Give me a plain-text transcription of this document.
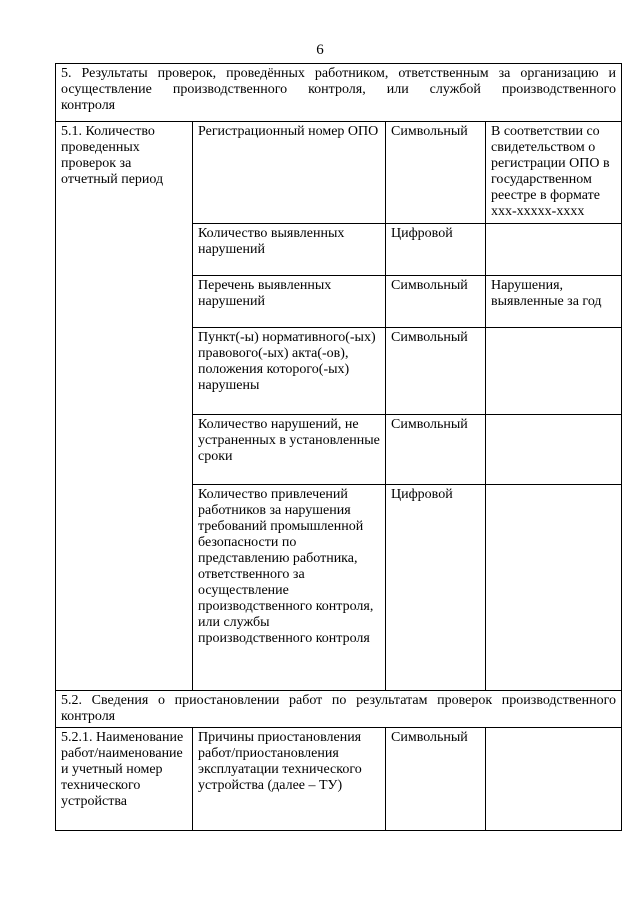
6
5. Результаты проверок, проведённых работником, ответственным за организацию и
осуществление производственного контроля, или службой производственного
контроля			

5.1. Количество проведенных проверок за отчетный период	Регистрационный номер ОПО	Символьный	В соответствии со свидетельством о регистрации ОПО в государственном реестре в формате ххх-ххххх-хххх
	Количество выявленных нарушений	Цифровой	
	Перечень выявленных нарушений	Символьный	Нарушения, выявленные за год
	Пункт(-ы) нормативного(-ых) правового(-ых) акта(-ов), положения которого(-ых) нарушены	Символьный	
	Количество нарушений, не устраненных в установленные сроки	Символьный	
	Количество привлечений работников за нарушения требований промышленной безопасности по представлению работника, ответственного за осуществление производственного контроля, или службы производственного контроля	Цифровой	

5.2. Сведения о приостановлении работ по результатам проверок производственного
контроля			

5.2.1. Наименование работ/наименование и учетный номер технического устройства	Причины приостановления работ/приостановления эксплуатации технического устройства (далее – ТУ)	Символьный	
